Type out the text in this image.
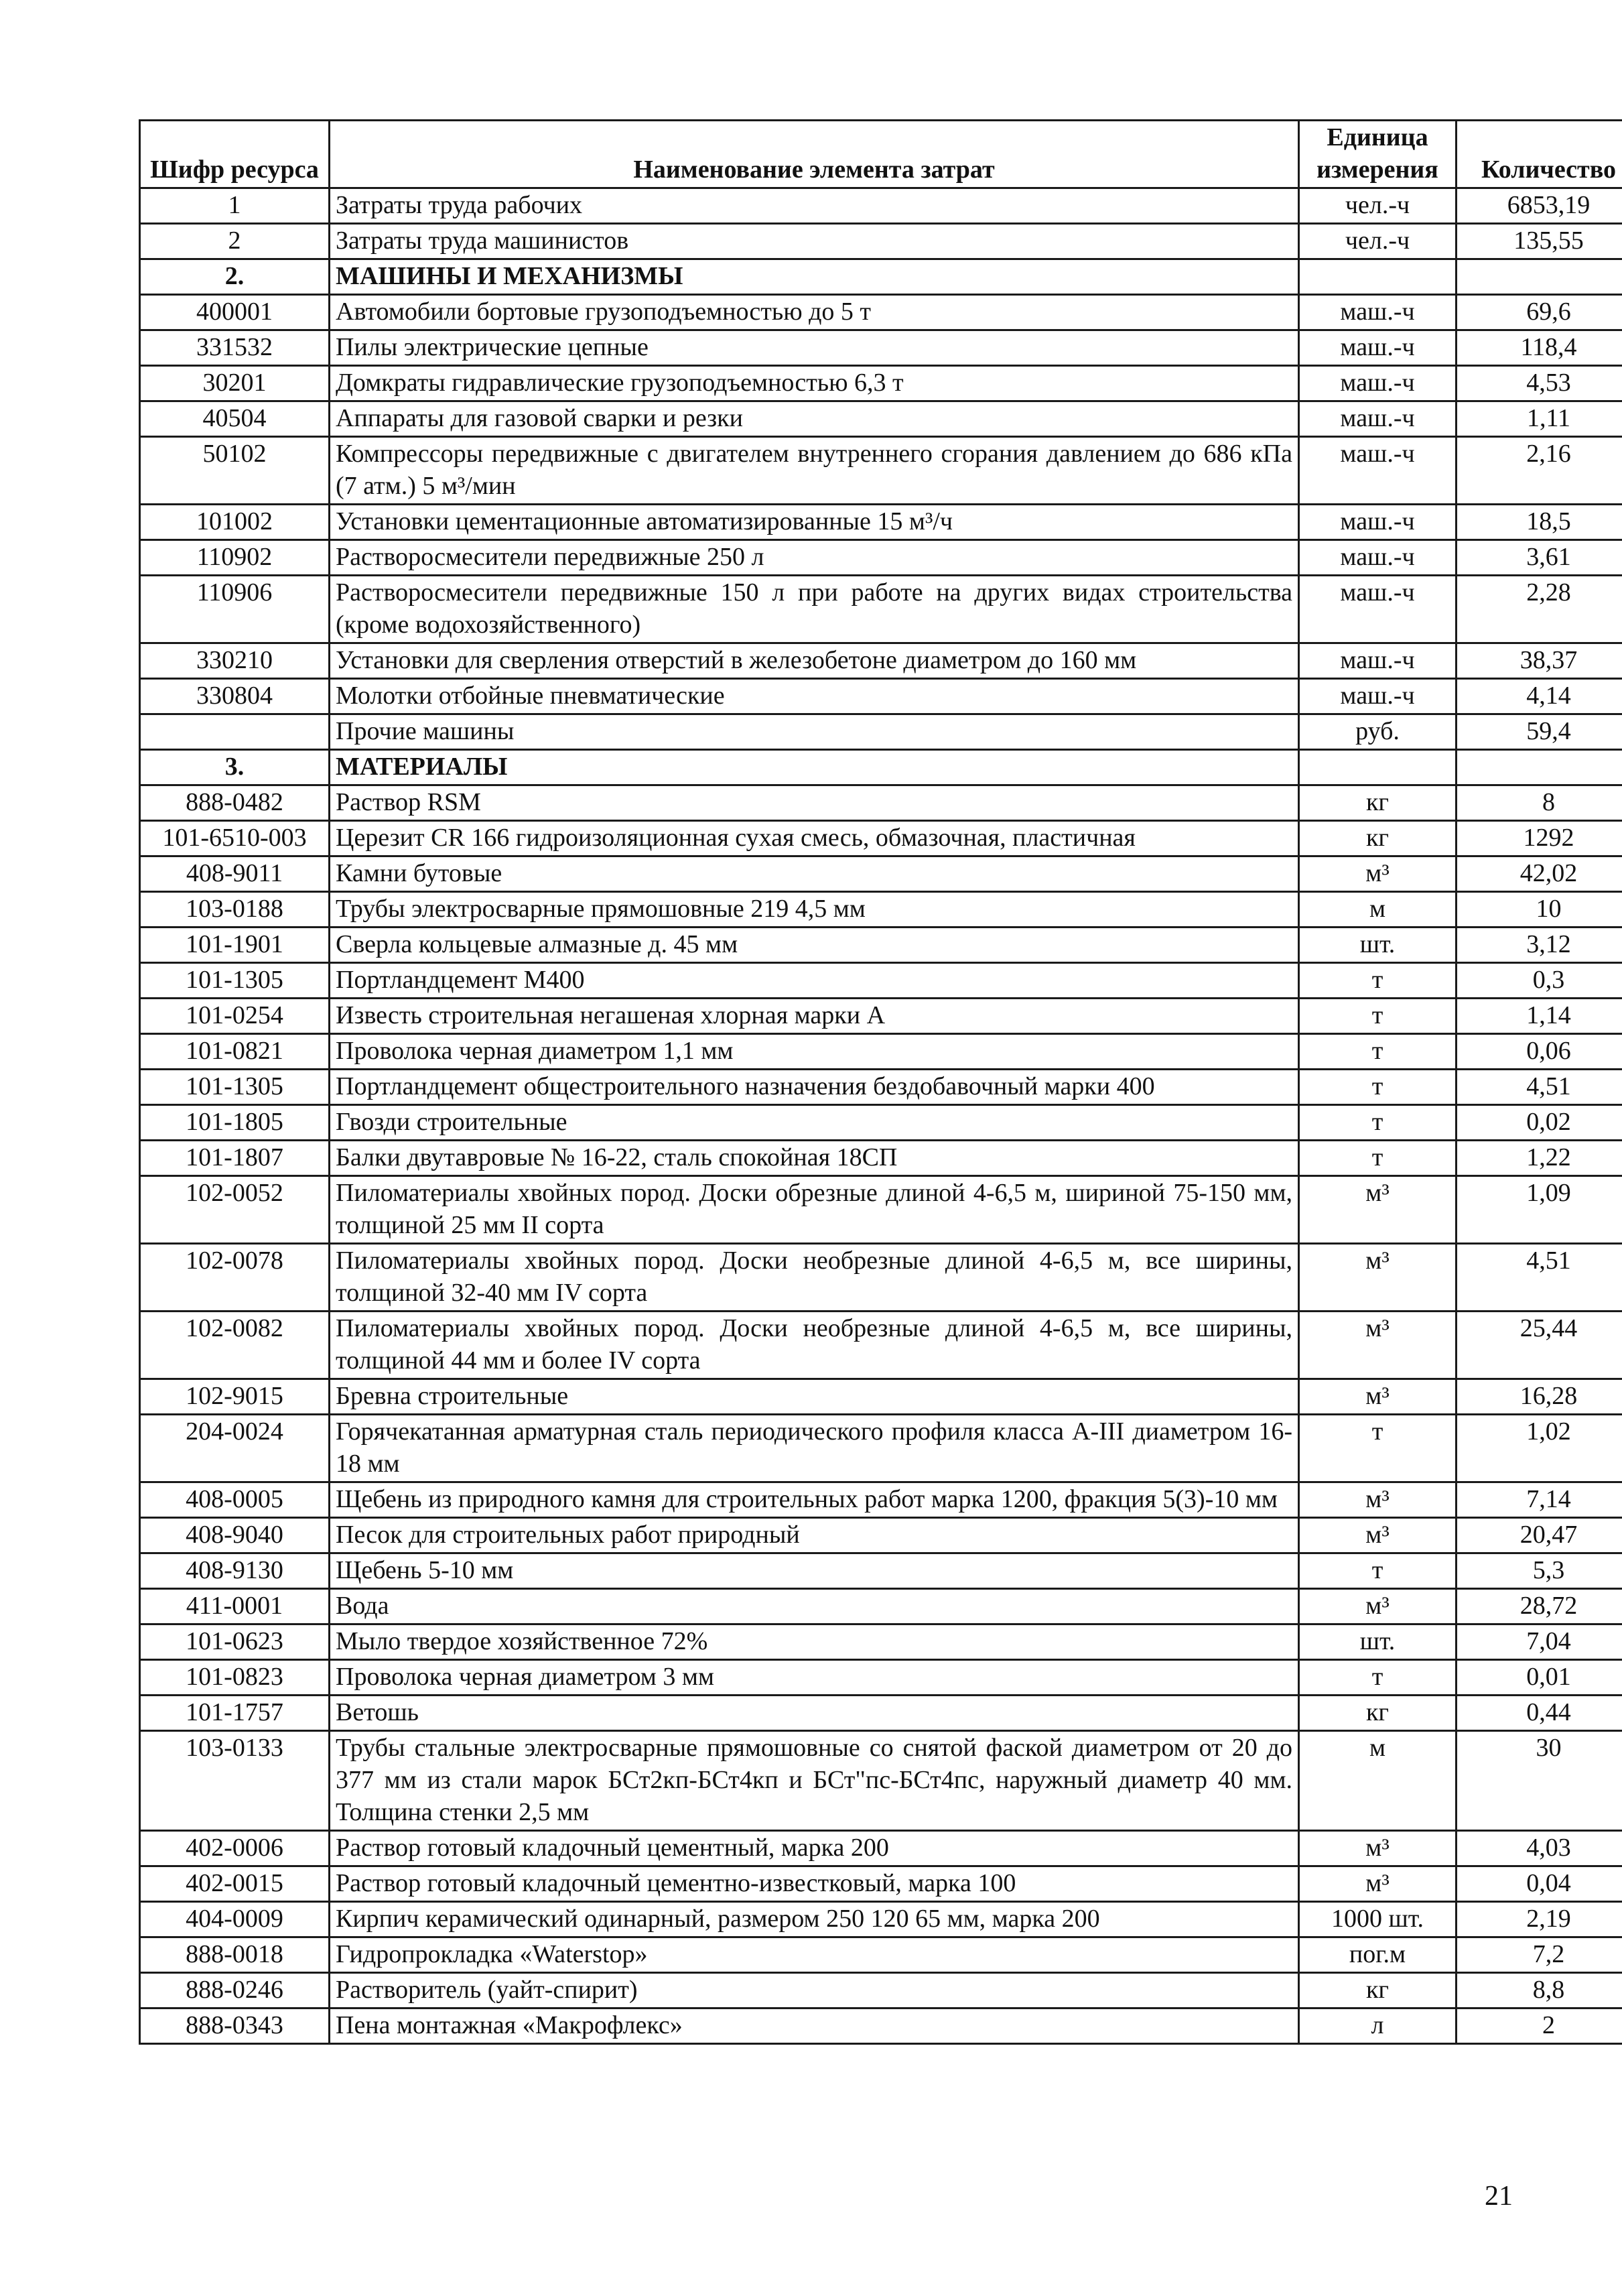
Шифр ресурса	Наименование элемента затрат	Единица измерения	Количество
1	Затраты труда рабочих	чел.-ч	6853,19
2	Затраты труда машинистов	чел.-ч	135,55
2.	МАШИНЫ И МЕХАНИЗМЫ		
400001	Автомобили бортовые грузоподъемностью до 5 т	маш.-ч	69,6
331532	Пилы электрические цепные	маш.-ч	118,4
30201	Домкраты гидравлические грузоподъемностью 6,3 т	маш.-ч	4,53
40504	Аппараты для газовой сварки и резки	маш.-ч	1,11
50102	Компрессоры передвижные с двигателем внутреннего сгорания давлением до 686 кПа (7 атм.) 5 м³/мин	маш.-ч	2,16
101002	Установки цементационные автоматизированные 15 м³/ч	маш.-ч	18,5
110902	Растворосмесители передвижные 250 л	маш.-ч	3,61
110906	Растворосмесители передвижные 150 л при работе на других видах строительства (кроме водохозяйственного)	маш.-ч	2,28
330210	Установки для сверления отверстий в железобетоне диаметром до 160 мм	маш.-ч	38,37
330804	Молотки отбойные пневматические	маш.-ч	4,14
	Прочие машины	руб.	59,4
3.	МАТЕРИАЛЫ		
888-0482	Раствор RSM	кг	8
101-6510-003	Церезит CR 166 гидроизоляционная сухая смесь, обмазочная, пластичная	кг	1292
408-9011	Камни бутовые	м³	42,02
103-0188	Трубы электросварные прямошовные 219 4,5 мм	м	10
101-1901	Сверла кольцевые алмазные д. 45 мм	шт.	3,12
101-1305	Портландцемент М400	т	0,3
101-0254	Известь строительная негашеная хлорная марки А	т	1,14
101-0821	Проволока черная диаметром 1,1 мм	т	0,06
101-1305	Портландцемент общестроительного назначения бездобавочный марки 400	т	4,51
101-1805	Гвозди строительные	т	0,02
101-1807	Балки двутавровые № 16-22, сталь спокойная 18СП	т	1,22
102-0052	Пиломатериалы хвойных пород. Доски обрезные длиной 4-6,5 м, шириной 75-150 мм, толщиной 25 мм II сорта	м³	1,09
102-0078	Пиломатериалы хвойных пород. Доски необрезные длиной 4-6,5 м, все ширины, толщиной 32-40 мм IV сорта	м³	4,51
102-0082	Пиломатериалы хвойных пород. Доски необрезные длиной 4-6,5 м, все ширины, толщиной 44 мм и более IV сорта	м³	25,44
102-9015	Бревна строительные	м³	16,28
204-0024	Горячекатанная арматурная сталь периодического профиля класса А-III диаметром 16-18 мм	т	1,02
408-0005	Щебень из природного камня для строительных работ марка 1200, фракция 5(3)-10 мм	м³	7,14
408-9040	Песок для строительных работ природный	м³	20,47
408-9130	Щебень 5-10 мм	т	5,3
411-0001	Вода	м³	28,72
101-0623	Мыло твердое хозяйственное 72%	шт.	7,04
101-0823	Проволока черная диаметром 3 мм	т	0,01
101-1757	Ветошь	кг	0,44
103-0133	Трубы стальные электросварные прямошовные со снятой фаской диаметром от 20 до 377 мм из стали марок БСт2кп-БСт4кп и БСт"пс-БСт4пс, наружный диаметр 40 мм. Толщина стенки 2,5 мм	м	30
402-0006	Раствор готовый кладочный цементный, марка 200	м³	4,03
402-0015	Раствор готовый кладочный цементно-известковый, марка 100	м³	0,04
404-0009	Кирпич керамический одинарный, размером 250 120 65 мм, марка 200	1000 шт.	2,19
888-0018	Гидропрокладка «Waterstop»	пог.м	7,2
888-0246	Растворитель (уайт-спирит)	кг	8,8
888-0343	Пена монтажная «Макрофлекс»	л	2
21
